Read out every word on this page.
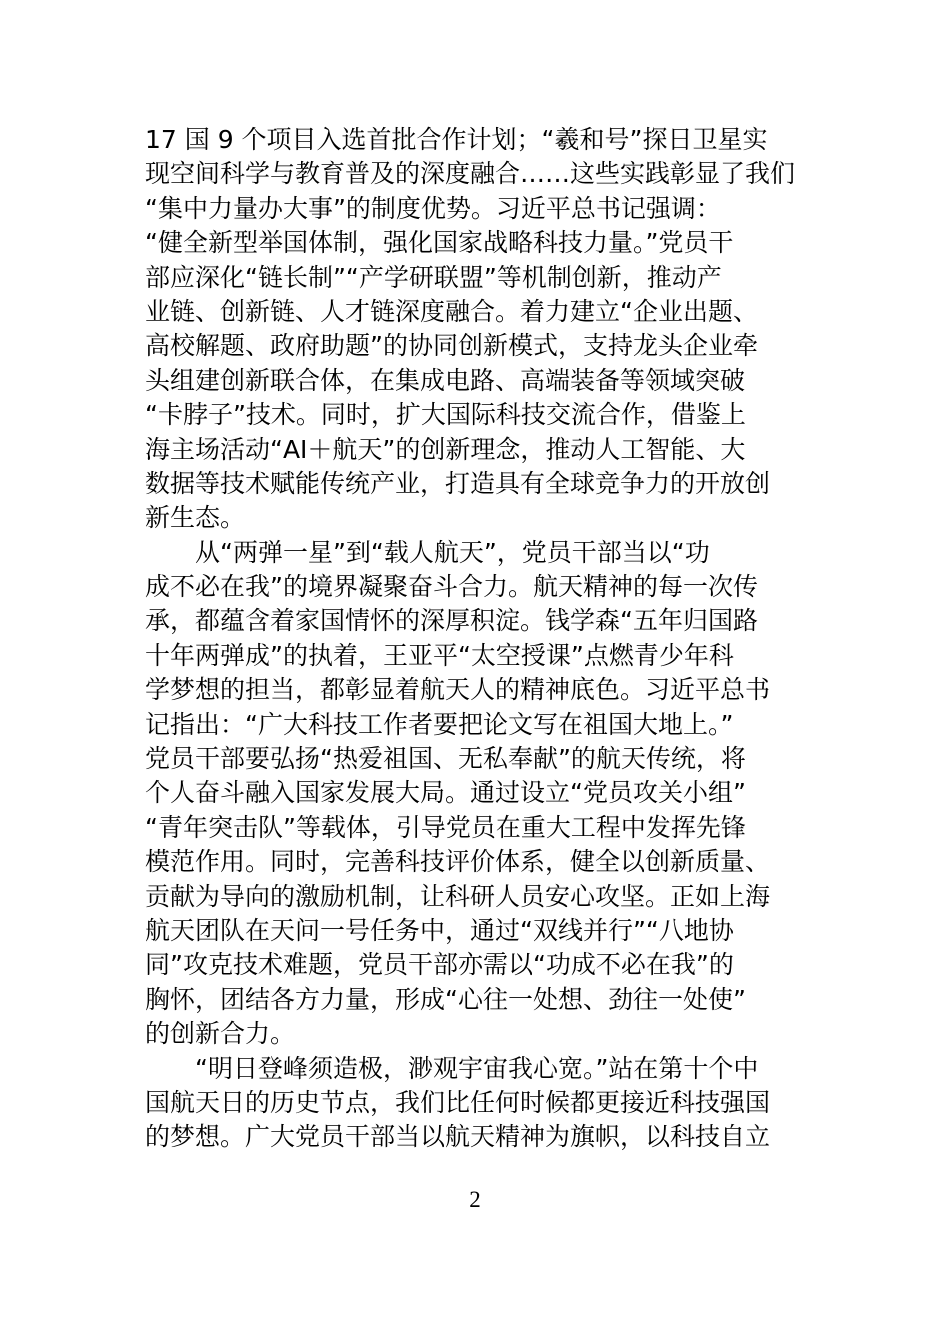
17 国 9 个项目入选首批合作计划；“羲和号”探日卫星实
现空间科学与教育普及的深度融合……这些实践彰显了我们
“集中力量办大事”的制度优势。习近平总书记强调：
“健全新型举国体制，强化国家战略科技力量。”党员干
部应深化“链长制”“产学研联盟”等机制创新，推动产
业链、创新链、人才链深度融合。着力建立“企业出题、
高校解题、政府助题”的协同创新模式，支持龙头企业牵
头组建创新联合体，在集成电路、高端装备等领域突破
“卡脖子”技术。同时，扩大国际科技交流合作，借鉴上
海主场活动“AI＋航天”的创新理念，推动人工智能、大
数据等技术赋能传统产业，打造具有全球竞争力的开放创
新生态。
　　从“两弹一星”到“载人航天”，党员干部当以“功
成不必在我”的境界凝聚奋斗合力。航天精神的每一次传
承，都蕴含着家国情怀的深厚积淀。钱学森“五年归国路
十年两弹成”的执着，王亚平“太空授课”点燃青少年科
学梦想的担当，都彰显着航天人的精神底色。习近平总书
记指出：“广大科技工作者要把论文写在祖国大地上。”
党员干部要弘扬“热爱祖国、无私奉献”的航天传统，将
个人奋斗融入国家发展大局。通过设立“党员攻关小组”
“青年突击队”等载体，引导党员在重大工程中发挥先锋
模范作用。同时，完善科技评价体系，健全以创新质量、
贡献为导向的激励机制，让科研人员安心攻坚。正如上海
航天团队在天问一号任务中，通过“双线并行”“八地协
同”攻克技术难题，党员干部亦需以“功成不必在我”的
胸怀，团结各方力量，形成“心往一处想、劲往一处使”
的创新合力。
　　“明日登峰须造极，渺观宇宙我心宽。”站在第十个中
国航天日的历史节点，我们比任何时候都更接近科技强国
的梦想。广大党员干部当以航天精神为旗帜，以科技自立
2
